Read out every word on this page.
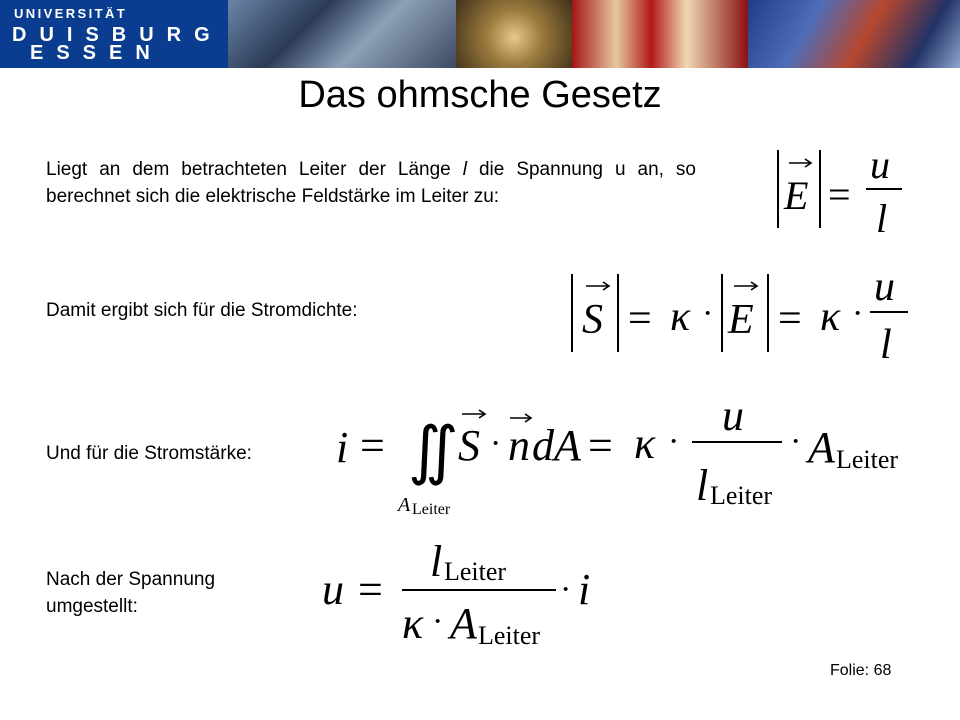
UNIVERSITÄT
DUISBURG
ESSEN
Das ohmsche Gesetz
Liegt an dem betrachteten Leiter der Länge l die Spannung u an, so berechnet sich die elektrische Feldstärke im Leiter zu:	E =
u
l
Damit ergibt sich für die Stromdichte:	S = κ · E = κ ·
u
l
Und für die Stromstärke: i = ∬
A Leiter
S · n dA = κ ·
u
l Leiter
· A Leiter
Nach der Spannung umgestellt:	u =
l Leiter
κ · A Leiter
· i
Folie: 68
